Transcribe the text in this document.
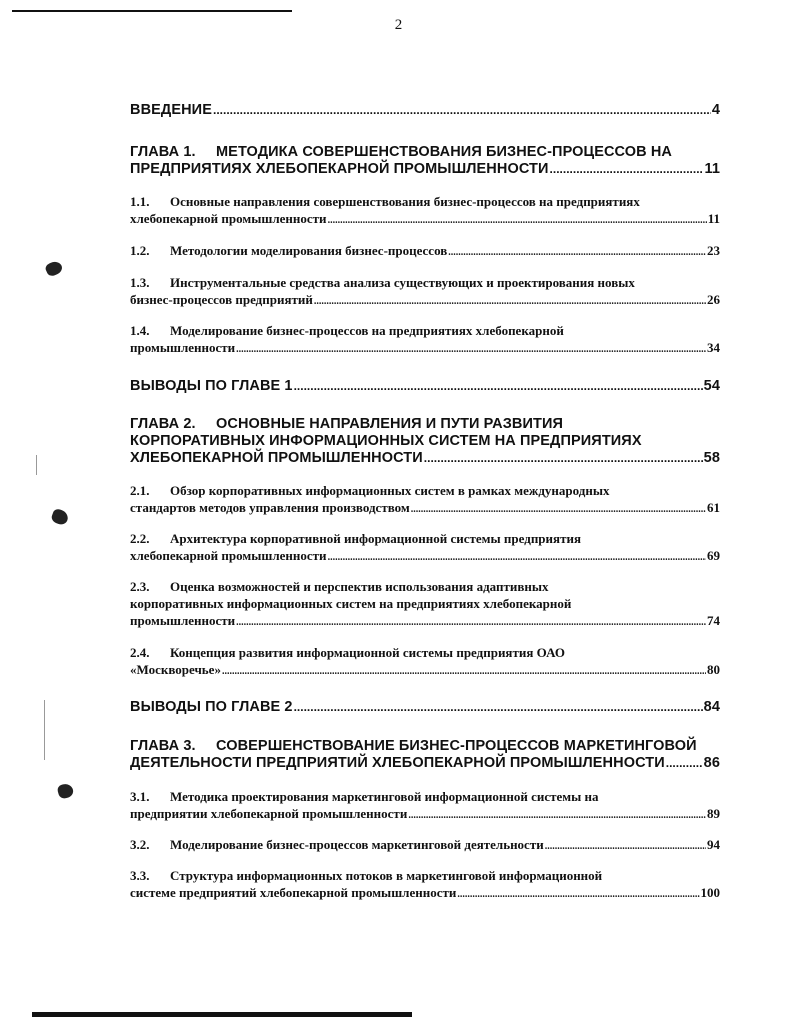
2
ВВЕДЕНИЕ .....	4
ГЛАВА 1. МЕТОДИКА СОВЕРШЕНСТВОВАНИЯ БИЗНЕС-ПРОЦЕССОВ НА
ПРЕДПРИЯТИЯХ ХЛЕБОПЕКАРНОЙ ПРОМЫШЛЕННОСТИ .....	11
1.1. Основные направления совершенствования бизнес-процессов на предприятиях
хлебопекарной промышленности .....	11
1.2.	Методологии моделирования бизнес-процессов .....	23
1.3. Инструментальные средства анализа существующих и проектирования новых
бизнес-процессов предприятий .....	26
1.4. Моделирование бизнес-процессов на предприятиях хлебопекарной
промышленности .....	34
ВЫВОДЫ ПО ГЛАВЕ 1 .....	54
ГЛАВА 2. ОСНОВНЫЕ НАПРАВЛЕНИЯ И ПУТИ РАЗВИТИЯ
КОРПОРАТИВНЫХ ИНФОРМАЦИОННЫХ СИСТЕМ НА ПРЕДПРИЯТИЯХ
ХЛЕБОПЕКАРНОЙ ПРОМЫШЛЕННОСТИ .....	58
2.1. Обзор корпоративных информационных систем в рамках международных
стандартов методов управления производством .....	61
2.2. Архитектура корпоративной информационной системы предприятия
хлебопекарной промышленности .....	69
2.3. Оценка возможностей и перспектив использования адаптивных
корпоративных информационных систем на предприятиях хлебопекарной
промышленности .....	74
2.4. Концепция развития информационной системы предприятия ОАО
«Москворечье» .....	80
ВЫВОДЫ ПО ГЛАВЕ 2 .....	84
ГЛАВА 3. СОВЕРШЕНСТВОВАНИЕ БИЗНЕС-ПРОЦЕССОВ МАРКЕТИНГОВОЙ
ДЕЯТЕЛЬНОСТИ ПРЕДПРИЯТИЙ ХЛЕБОПЕКАРНОЙ ПРОМЫШЛЕННОСТИ .....	86
3.1. Методика проектирования маркетинговой информационной системы на
предприятии хлебопекарной промышленности .....	89
3.2.	Моделирование бизнес-процессов маркетинговой деятельности .....	94
3.3. Структура информационных потоков в маркетинговой информационной
системе предприятий хлебопекарной промышленности .....	100
